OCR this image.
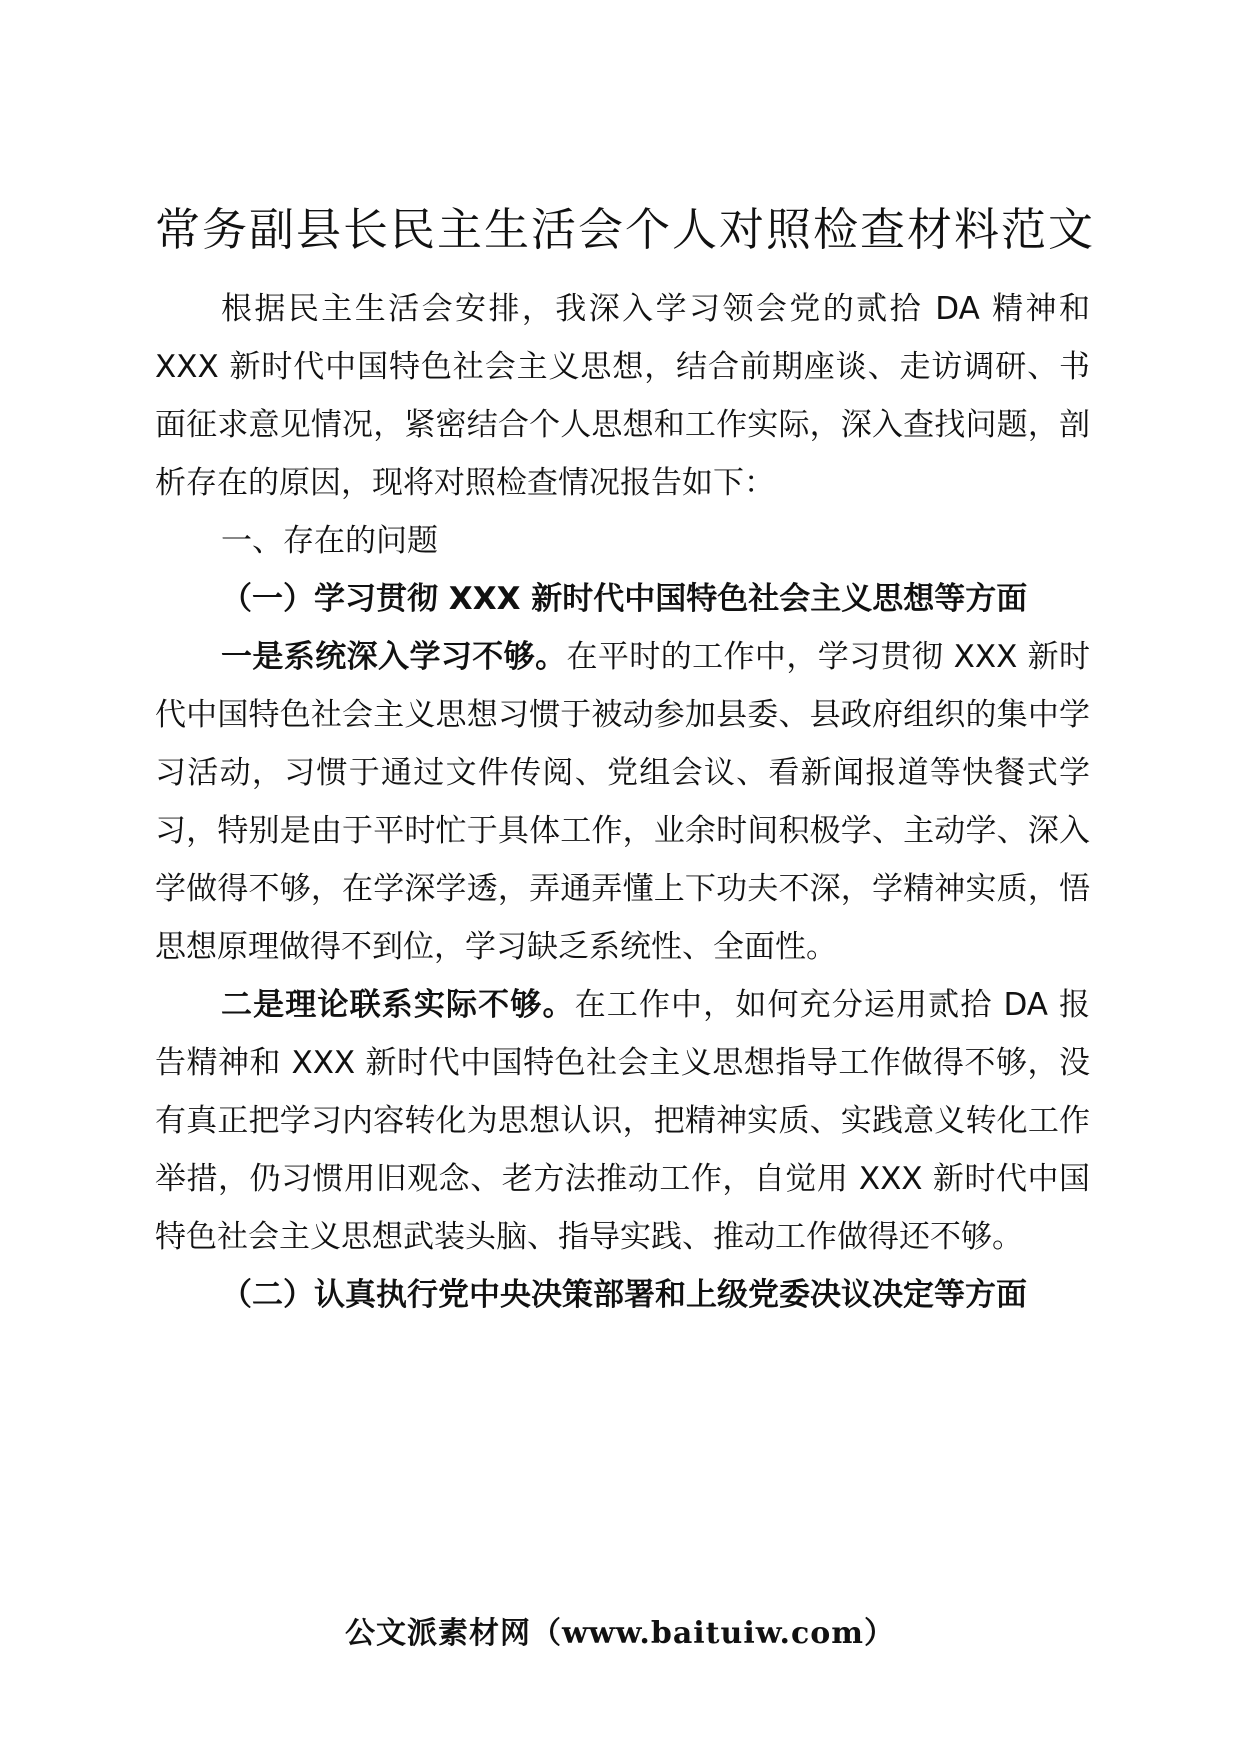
常务副县长民主生活会个人对照检查材料范文

根据民主生活会安排，我深入学习领会党的贰拾 DA 精神和 XXX 新时代中国特色社会主义思想，结合前期座谈、走访调研、书面征求意见情况，紧密结合个人思想和工作实际，深入查找问题，剖析存在的原因，现将对照检查情况报告如下：

一、存在的问题

（一）学习贯彻 XXX 新时代中国特色社会主义思想等方面

一是系统深入学习不够。在平时的工作中，学习贯彻 XXX 新时代中国特色社会主义思想习惯于被动参加县委、县政府组织的集中学习活动，习惯于通过文件传阅、党组会议、看新闻报道等快餐式学习，特别是由于平时忙于具体工作，业余时间积极学、主动学、深入学做得不够，在学深学透，弄通弄懂上下功夫不深，学精神实质，悟思想原理做得不到位，学习缺乏系统性、全面性。

二是理论联系实际不够。在工作中，如何充分运用贰拾 DA 报告精神和 XXX 新时代中国特色社会主义思想指导工作做得不够，没有真正把学习内容转化为思想认识，把精神实质、实践意义转化工作举措，仍习惯用旧观念、老方法推动工作，自觉用 XXX 新时代中国特色社会主义思想武装头脑、指导实践、推动工作做得还不够。

（二）认真执行党中央决策部署和上级党委决议决定等方面

公文派素材网（www.baituiw.com）
